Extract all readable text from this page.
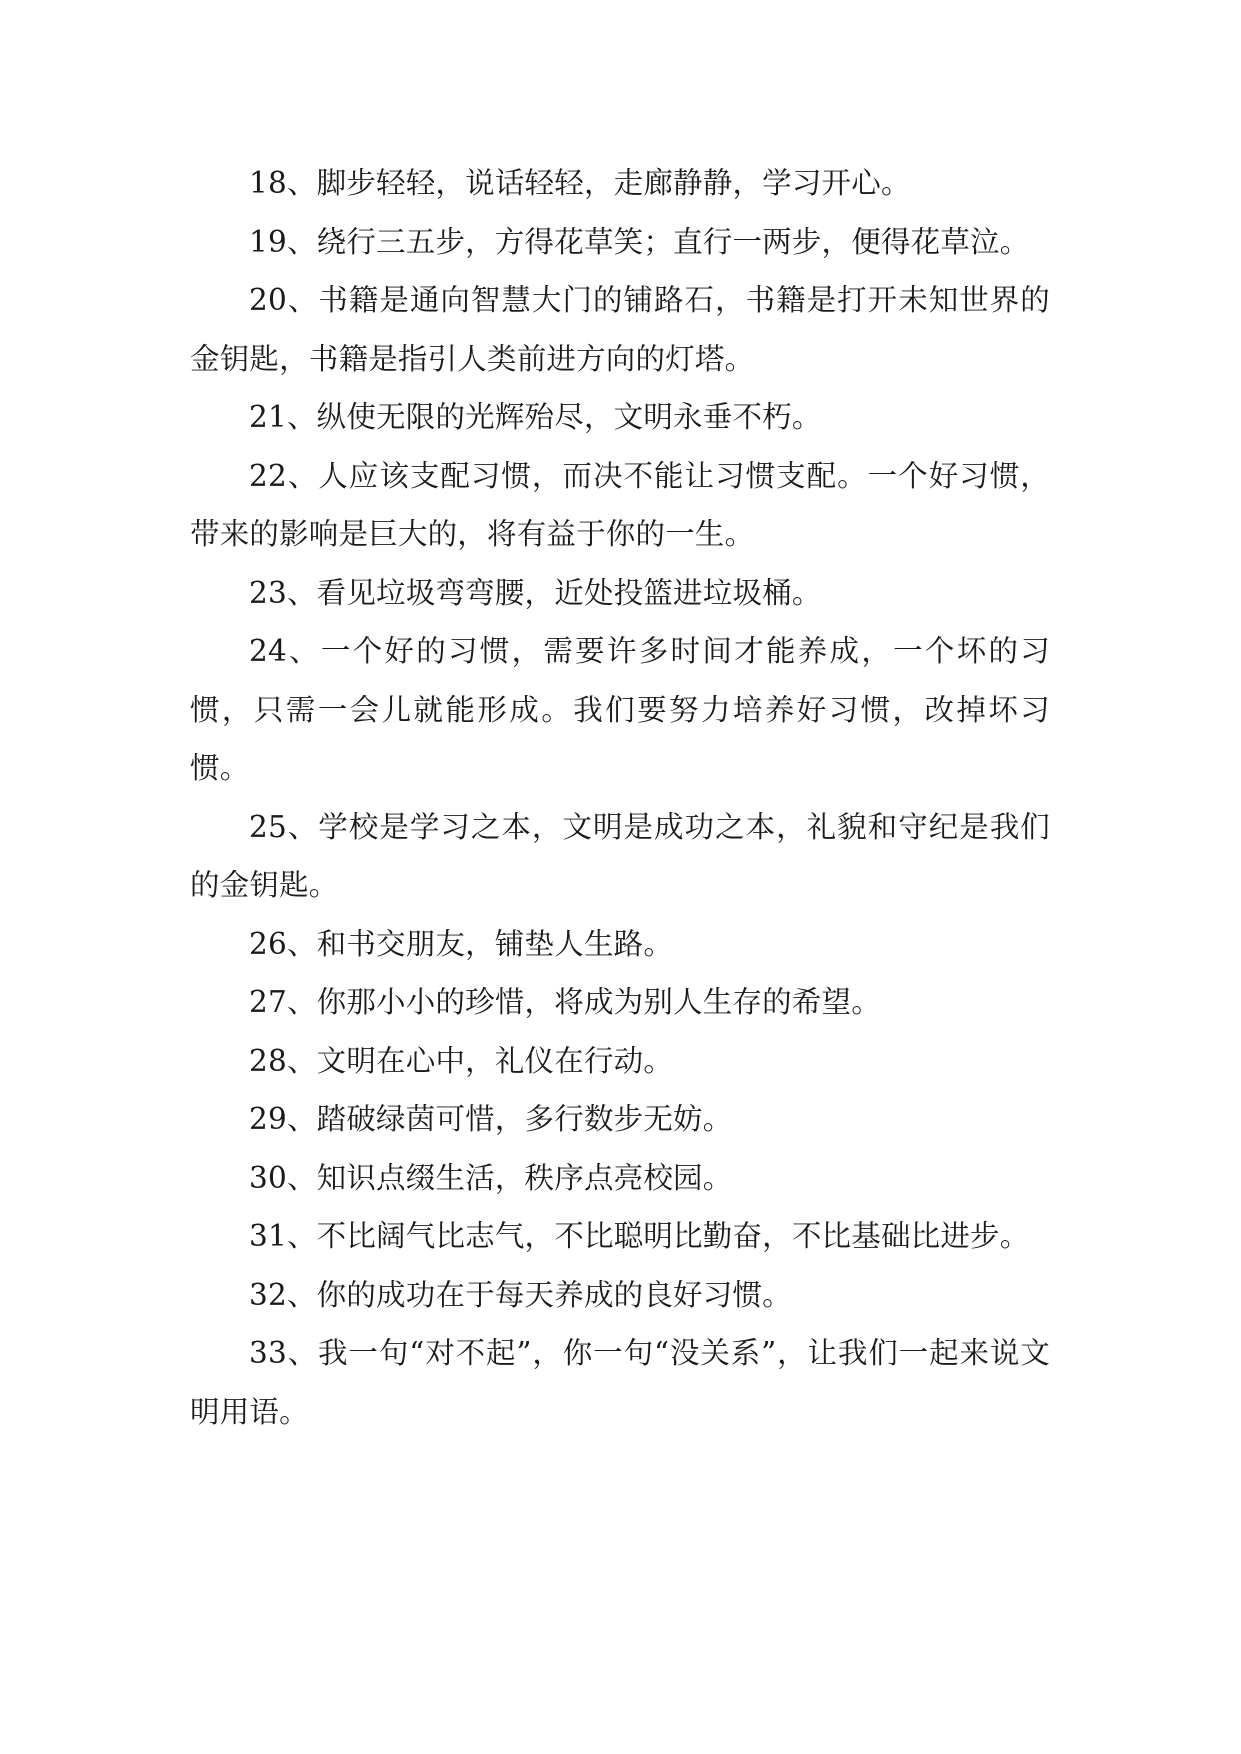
18、脚步轻轻，说话轻轻，走廊静静，学习开心。

19、绕行三五步，方得花草笑；直行一两步，便得花草泣。

20、书籍是通向智慧大门的铺路石，书籍是打开未知世界的金钥匙，书籍是指引人类前进方向的灯塔。

21、纵使无限的光辉殆尽，文明永垂不朽。

22、人应该支配习惯，而决不能让习惯支配。一个好习惯，带来的影响是巨大的，将有益于你的一生。

23、看见垃圾弯弯腰，近处投篮进垃圾桶。

24、一个好的习惯，需要许多时间才能养成，一个坏的习惯，只需一会儿就能形成。我们要努力培养好习惯，改掉坏习惯。

25、学校是学习之本，文明是成功之本，礼貌和守纪是我们的金钥匙。

26、和书交朋友，铺垫人生路。

27、你那小小的珍惜，将成为别人生存的希望。

28、文明在心中，礼仪在行动。

29、踏破绿茵可惜，多行数步无妨。

30、知识点缀生活，秩序点亮校园。

31、不比阔气比志气，不比聪明比勤奋，不比基础比进步。

32、你的成功在于每天养成的良好习惯。

33、我一句“对不起”，你一句“没关系”，让我们一起来说文明用语。
